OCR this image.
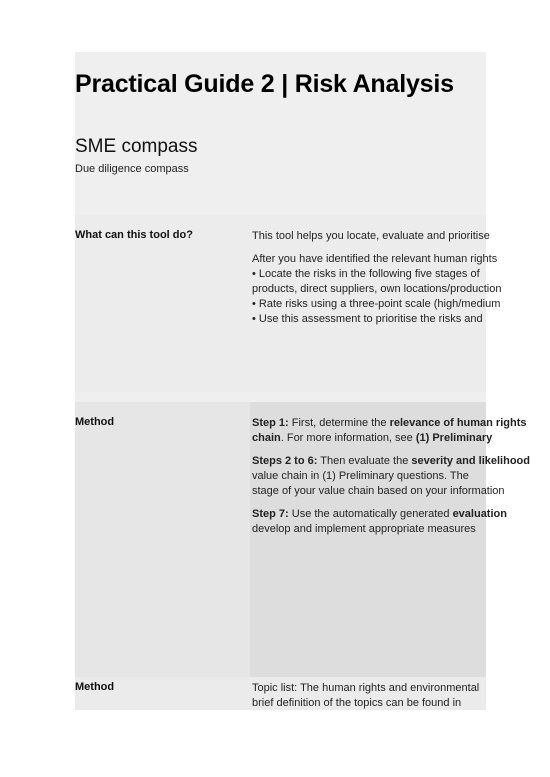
Practical Guide 2 | Risk Analysis
SME compass
Due diligence compass
What can this tool do?	This tool helps you locate, evaluate and prioritise
After you have identified the relevant human rights
• Locate the risks in the following five stages of
products, direct suppliers, own locations/production
• Rate risks using a three-point scale (high/medium
• Use this assessment to prioritise the risks and
Method	Step 1: First, determine the relevance of human rights
chain. For more information, see (1) Preliminary
Steps 2 to 6: Then evaluate the severity and likelihood
value chain in (1) Preliminary questions. The
stage of your value chain based on your information
Step 7: Use the automatically generated evaluation
develop and implement appropriate measures
Method	Topic list: The human rights and environmental
brief definition of the topics can be found in
